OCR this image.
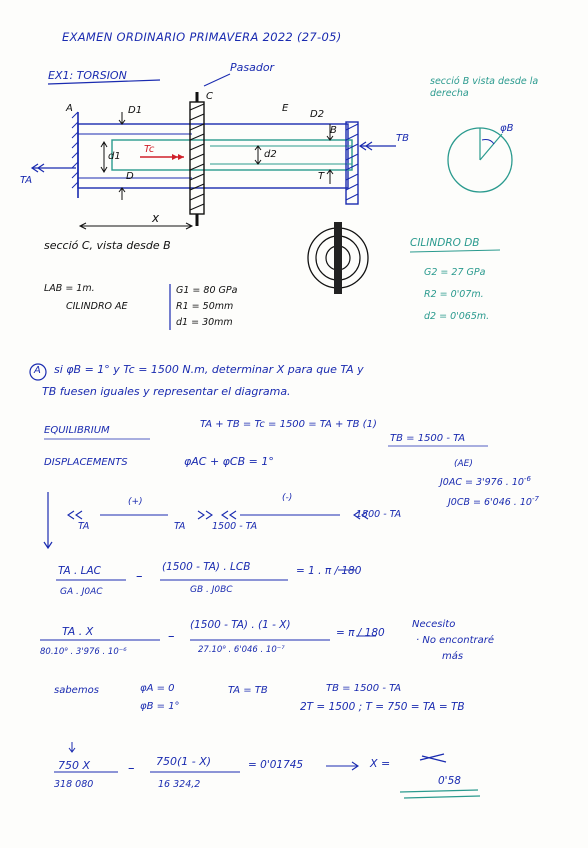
EXAMEN ORDINARIO PRIMAVERA 2022 (27-05)
EX1: TORSION
Pasador
A
C
E
B
D
D1	D2
d1	d2
TA
TB
Tc
T
x
secció B vista desde la derecha
φB
secció C, vista desde B
LAB = 1m.
CILINDRO AE
G1 = 80 GPa
R1 = 50mm
d1 = 30mm
CILINDRO DB
G2 = 27 GPa
R2 = 0'07m.
d2 = 0'065m.
A si φB = 1° y Tc = 1500 N.m, determinar X para que TA y
TB fuesen iguales y representar el diagrama.
EQUILIBRIUM
TA + TB = Tc = 1500 = TA + TB (1)
TB = 1500 - TA
DISPLACEMENTS	φAC + φCB = 1°	(AE)
J0AC = 3'976 . $10^{-6}$
J0CB = 6'046 . $10^{-7}$
(+)	(-)
TA	TA	1500 - TA
1500 - TA
TA . LAC
GA . J0AC
–
(1500 - TA) . LCB
GB . J0BC
= 1 . π / 180
TA . X
80.10⁹ . 3'976 . 10⁻⁶
–
(1500 - TA) . (1 - X)
27.10⁹ . 6'046 . 10⁻⁷
= π / 180
Necesito
· No encontraré
más
sabemos	φA = 0
φB = 1°
TA = TB	TB = 1500 - TA
2T = 1500 ; T = 750 = TA = TB
750 X
318 080
– 750(1 - X)
16 324,2
= 0'01745	X =
0'58
